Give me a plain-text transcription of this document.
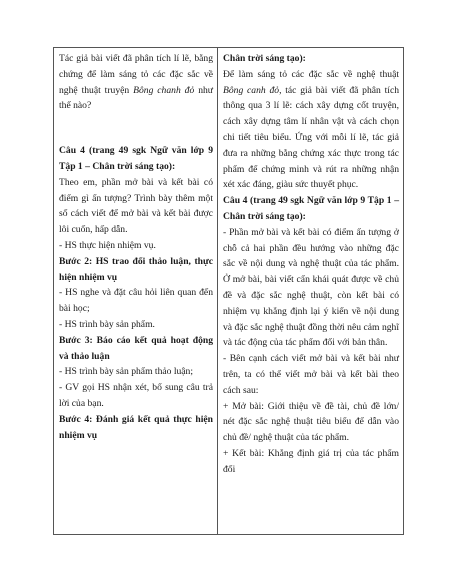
Tác giả bài viết đã phân tích lí lẽ, bằng chứng để làm sáng tỏ các đặc sắc về nghệ thuật truyện Bông chanh đỏ như thế nào?

Câu 4 (trang 49 sgk Ngữ văn lớp 9 Tập 1 – Chân trời sáng tạo):

Theo em, phần mở bài và kết bài có điểm gì ấn tượng? Trình bày thêm một số cách viết để mở bài và kết bài được lôi cuốn, hấp dẫn.

- HS thực hiện nhiệm vụ.

Bước 2: HS trao đổi thảo luận, thực hiện nhiệm vụ

- HS nghe và đặt câu hỏi liên quan đến bài học;

- HS trình bày sản phẩm.

Bước 3: Báo cáo kết quả hoạt động và thảo luận

- HS trình bày sản phẩm thảo luận;

- GV gọi HS nhận xét, bổ sung câu trả lời của bạn.

Bước 4: Đánh giá kết quả thực hiện nhiệm vụ

Chân trời sáng tạo):

Để làm sáng tỏ các đặc sắc về nghệ thuật Bông canh đỏ, tác giả bài viết đã phân tích thông qua 3 lí lẽ: cách xây dựng cốt truyện, cách xây dựng tâm lí nhân vật và cách chọn chi tiết tiêu biểu. Ứng với mỗi lí lẽ, tác giả đưa ra những bằng chứng xác thực trong tác phẩm để chứng minh và rút ra những nhận xét xác đáng, giàu sức thuyết phục.

Câu 4 (trang 49 sgk Ngữ văn lớp 9 Tập 1 – Chân trời sáng tạo):

- Phần mở bài và kết bài có điểm ấn tượng ở chỗ cả hai phần đều hướng vào những đặc sắc về nội dung và nghệ thuật của tác phẩm. Ở mở bài, bài viết cẩn khái quát được về chủ đề và đặc sắc nghệ thuật, còn kết bài có nhiệm vụ khẳng định lại ý kiến về nội dung và đặc sắc nghệ thuật đồng thời nêu cảm nghĩ và tác động của tác phẩm đối với bản thân.

- Bên cạnh cách viết mở bài và kết bài như trên, ta có thể viết mở bài và kết bài theo cách sau:

+ Mở bài: Giới thiệu về đề tài, chủ đề lớn/ nét đặc sắc nghệ thuật tiêu biểu để dẫn vào chủ đề/ nghệ thuật của tác phẩm.

+ Kết bài: Khẳng định giá trị của tác phẩm đối
